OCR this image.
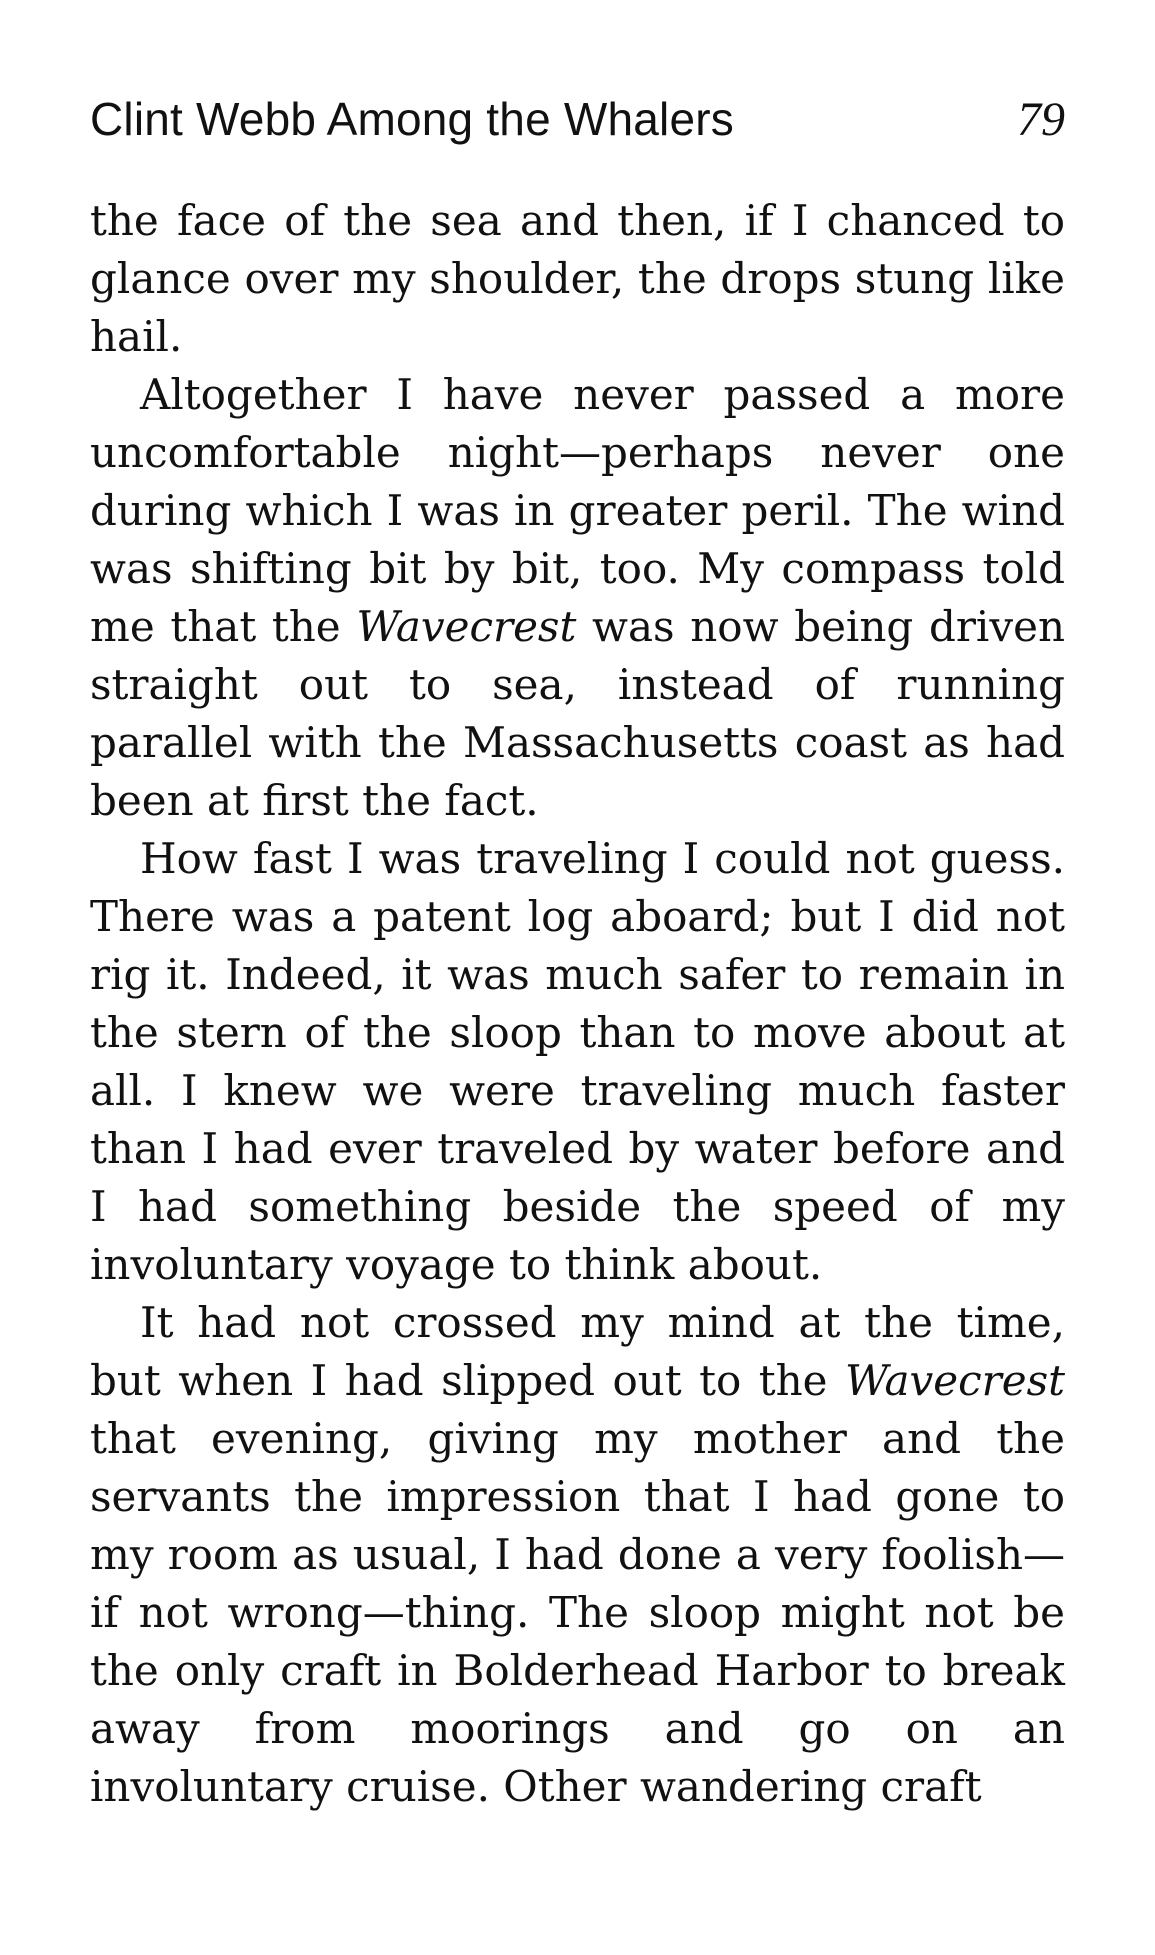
Clint Webb Among the Whalers	79

the face of the sea and then, if I chanced to glance over my shoulder, the drops stung like hail.

Altogether I have never passed a more uncomfortable night—perhaps never one during which I was in greater peril. The wind was shifting bit by bit, too. My compass told me that the Wavecrest was now being driven straight out to sea, instead of running parallel with the Massachusetts coast as had been at first the fact.

How fast I was traveling I could not guess. There was a patent log aboard; but I did not rig it. Indeed, it was much safer to remain in the stern of the sloop than to move about at all. I knew we were traveling much faster than I had ever traveled by water before and I had something beside the speed of my involuntary voyage to think about.

It had not crossed my mind at the time, but when I had slipped out to the Wavecrest that evening, giving my mother and the servants the impression that I had gone to my room as usual, I had done a very foolish—if not wrong—thing. The sloop might not be the only craft in Bolderhead Harbor to break away from moorings and go on an involuntary cruise. Other wandering craft
